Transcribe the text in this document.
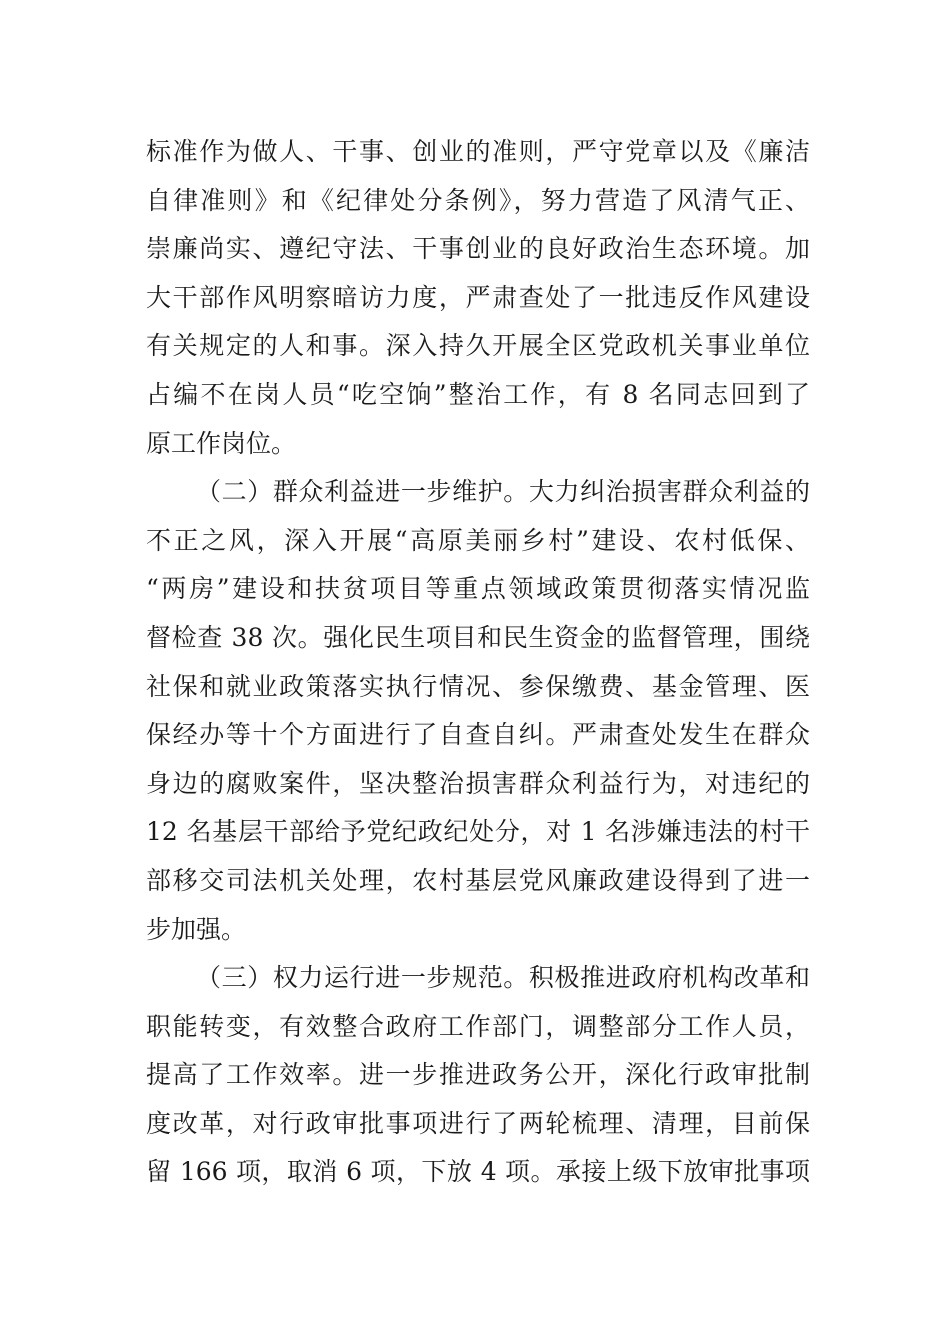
标准作为做人、干事、创业的准则，严守党章以及《廉洁
自律准则》和《纪律处分条例》，努力营造了风清气正、
崇廉尚实、遵纪守法、干事创业的良好政治生态环境。加
大干部作风明察暗访力度，严肃查处了一批违反作风建设
有关规定的人和事。深入持久开展全区党政机关事业单位
占编不在岗人员“吃空饷”整治工作，有 8 名同志回到了
原工作岗位。
（二）群众利益进一步维护。大力纠治损害群众利益的
不正之风，深入开展“高原美丽乡村”建设、农村低保、
“两房”建设和扶贫项目等重点领域政策贯彻落实情况监
督检查 38 次。强化民生项目和民生资金的监督管理，围绕
社保和就业政策落实执行情况、参保缴费、基金管理、医
保经办等十个方面进行了自查自纠。严肃查处发生在群众
身边的腐败案件，坚决整治损害群众利益行为，对违纪的
12 名基层干部给予党纪政纪处分，对 1 名涉嫌违法的村干
部移交司法机关处理，农村基层党风廉政建设得到了进一
步加强。
（三）权力运行进一步规范。积极推进政府机构改革和
职能转变，有效整合政府工作部门，调整部分工作人员，
提高了工作效率。进一步推进政务公开，深化行政审批制
度改革，对行政审批事项进行了两轮梳理、清理，目前保
留 166 项，取消 6 项，下放 4 项。承接上级下放审批事项
